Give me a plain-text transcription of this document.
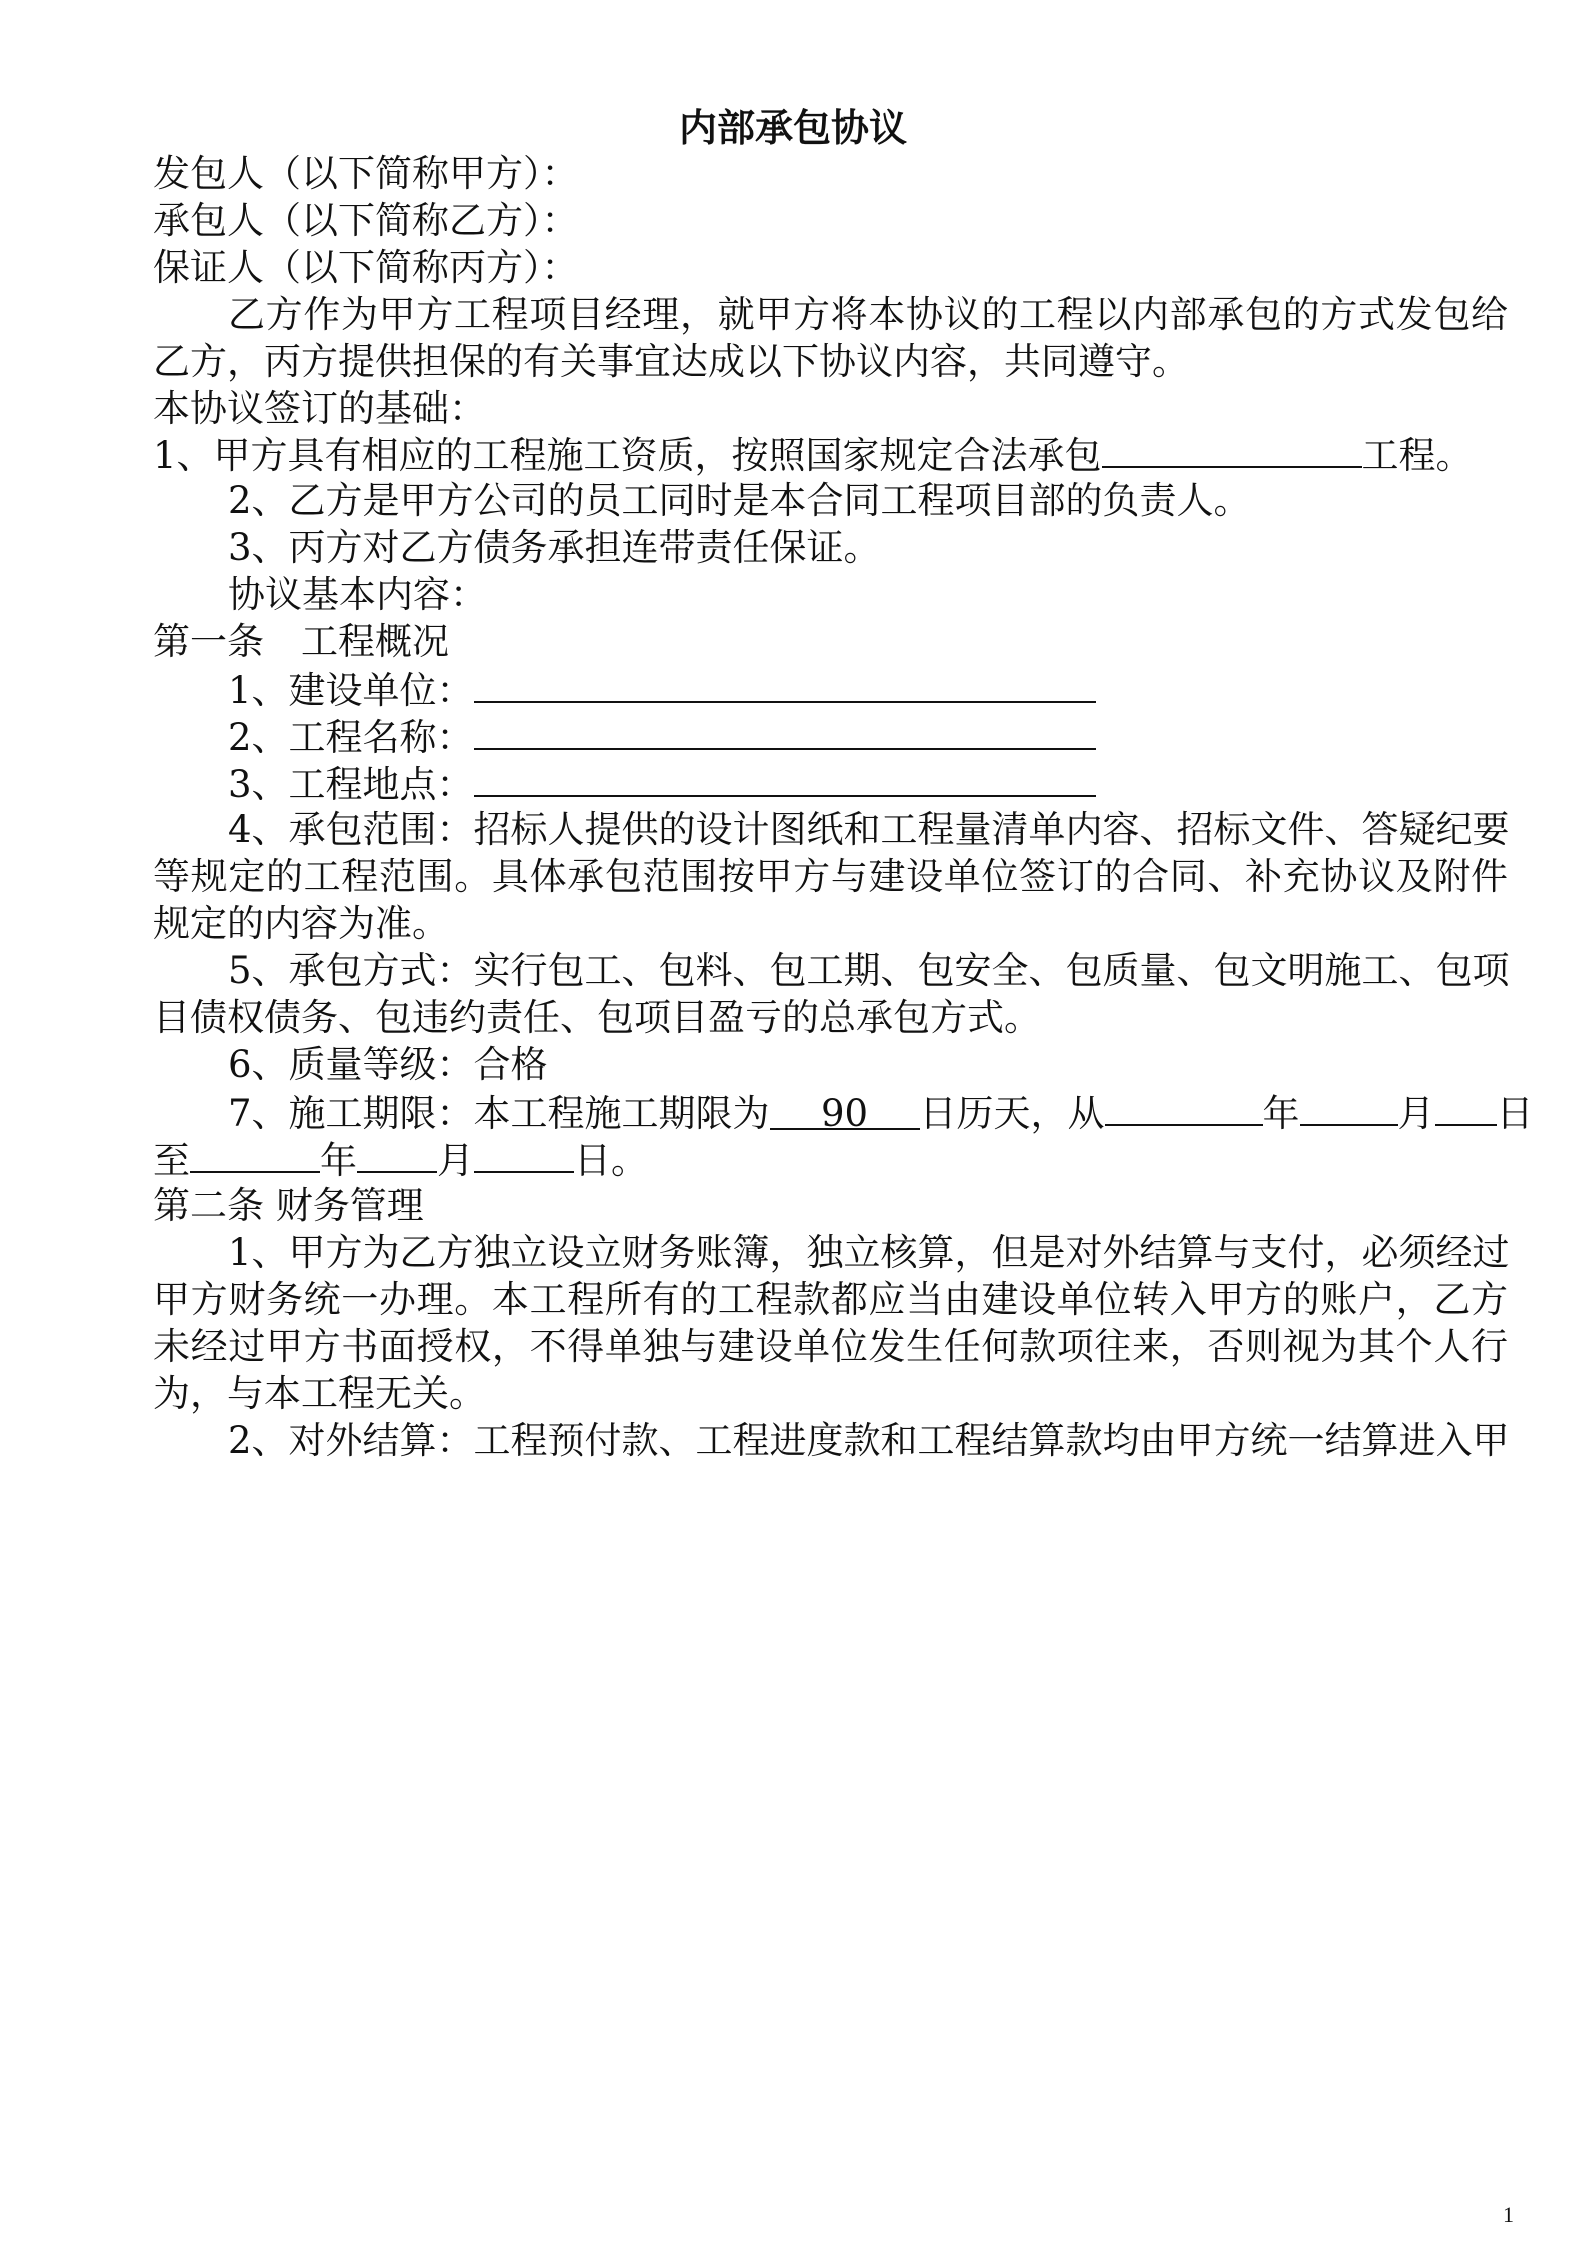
内部承包协议
发包人（以下简称甲方）：
承包人（以下简称乙方）：
保证人（以下简称丙方）：
乙方作为甲方工程项目经理，就甲方将本协议的工程以内部承包的方式发包给
乙方，丙方提供担保的有关事宜达成以下协议内容，共同遵守。
本协议签订的基础：
1、甲方具有相应的工程施工资质，按照国家规定合法承包	工程。
2、乙方是甲方公司的员工同时是本合同工程项目部的负责人。
3、丙方对乙方债务承担连带责任保证。
协议基本内容：
第一条　工程概况
1、建设单位：
2、工程名称：
3、工程地点：
4、承包范围：招标人提供的设计图纸和工程量清单内容、招标文件、答疑纪要
等规定的工程范围。具体承包范围按甲方与建设单位签订的合同、补充协议及附件
规定的内容为准。
5、承包方式：实行包工、包料、包工期、包安全、包质量、包文明施工、包项
目债权债务、包违约责任、包项目盈亏的总承包方式。
6、质量等级：合格
7、施工期限：本工程施工期限为 90 日历天，从	年	月 日
至	年 月	日。
第二条 财务管理
1、甲方为乙方独立设立财务账簿，独立核算，但是对外结算与支付，必须经过
甲方财务统一办理。本工程所有的工程款都应当由建设单位转入甲方的账户，乙方
未经过甲方书面授权，不得单独与建设单位发生任何款项往来，否则视为其个人行
为，与本工程无关。
2、对外结算：工程预付款、工程进度款和工程结算款均由甲方统一结算进入甲
1
